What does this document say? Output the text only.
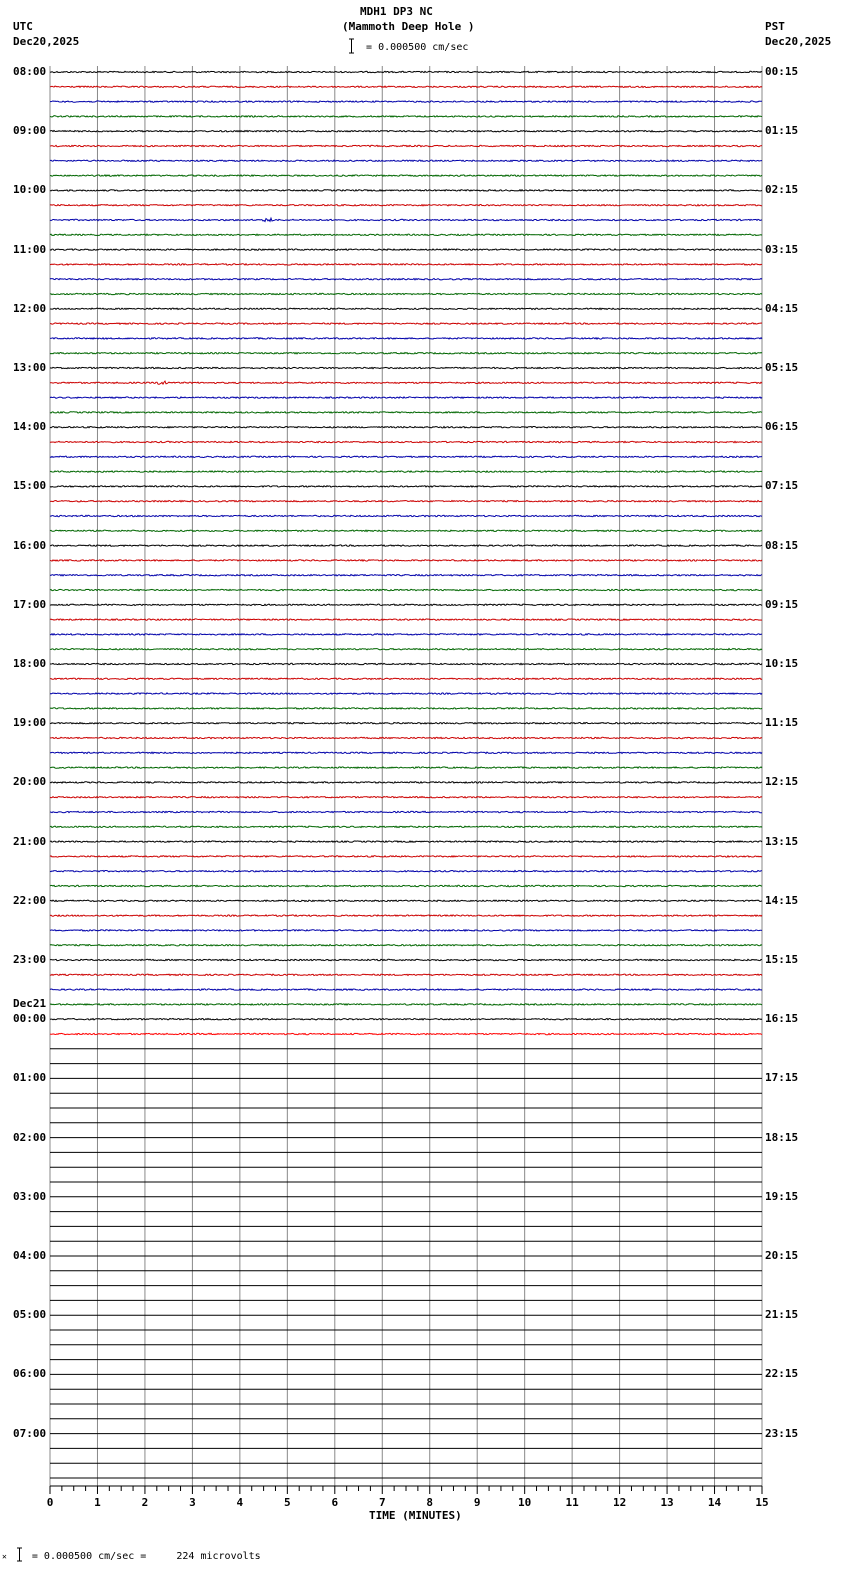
MDH1 DP3 NC
(Mammoth Deep Hole )
UTC
Dec20,2025
PST
Dec20,2025
= 0.000500 cm/sec
0	1	2	3	4	5	6	7	8	9	10	11	12	13	14	15
08:00	00:15
09:00	01:15
10:00	02:15
11:00	03:15
12:00	04:15
13:00	05:15
14:00	06:15
15:00	07:15
16:00	08:15
17:00	09:15
18:00	10:15
19:00	11:15
20:00	12:15
21:00	13:15
22:00	14:15
23:00	15:15
00:00	16:15
01:00	17:15
02:00	18:15
03:00	19:15
04:00	20:15
05:00	21:15
06:00	22:15
07:00	23:15
Dec21
TIME (MINUTES)
✕	= 0.000500 cm/sec =     224 microvolts
